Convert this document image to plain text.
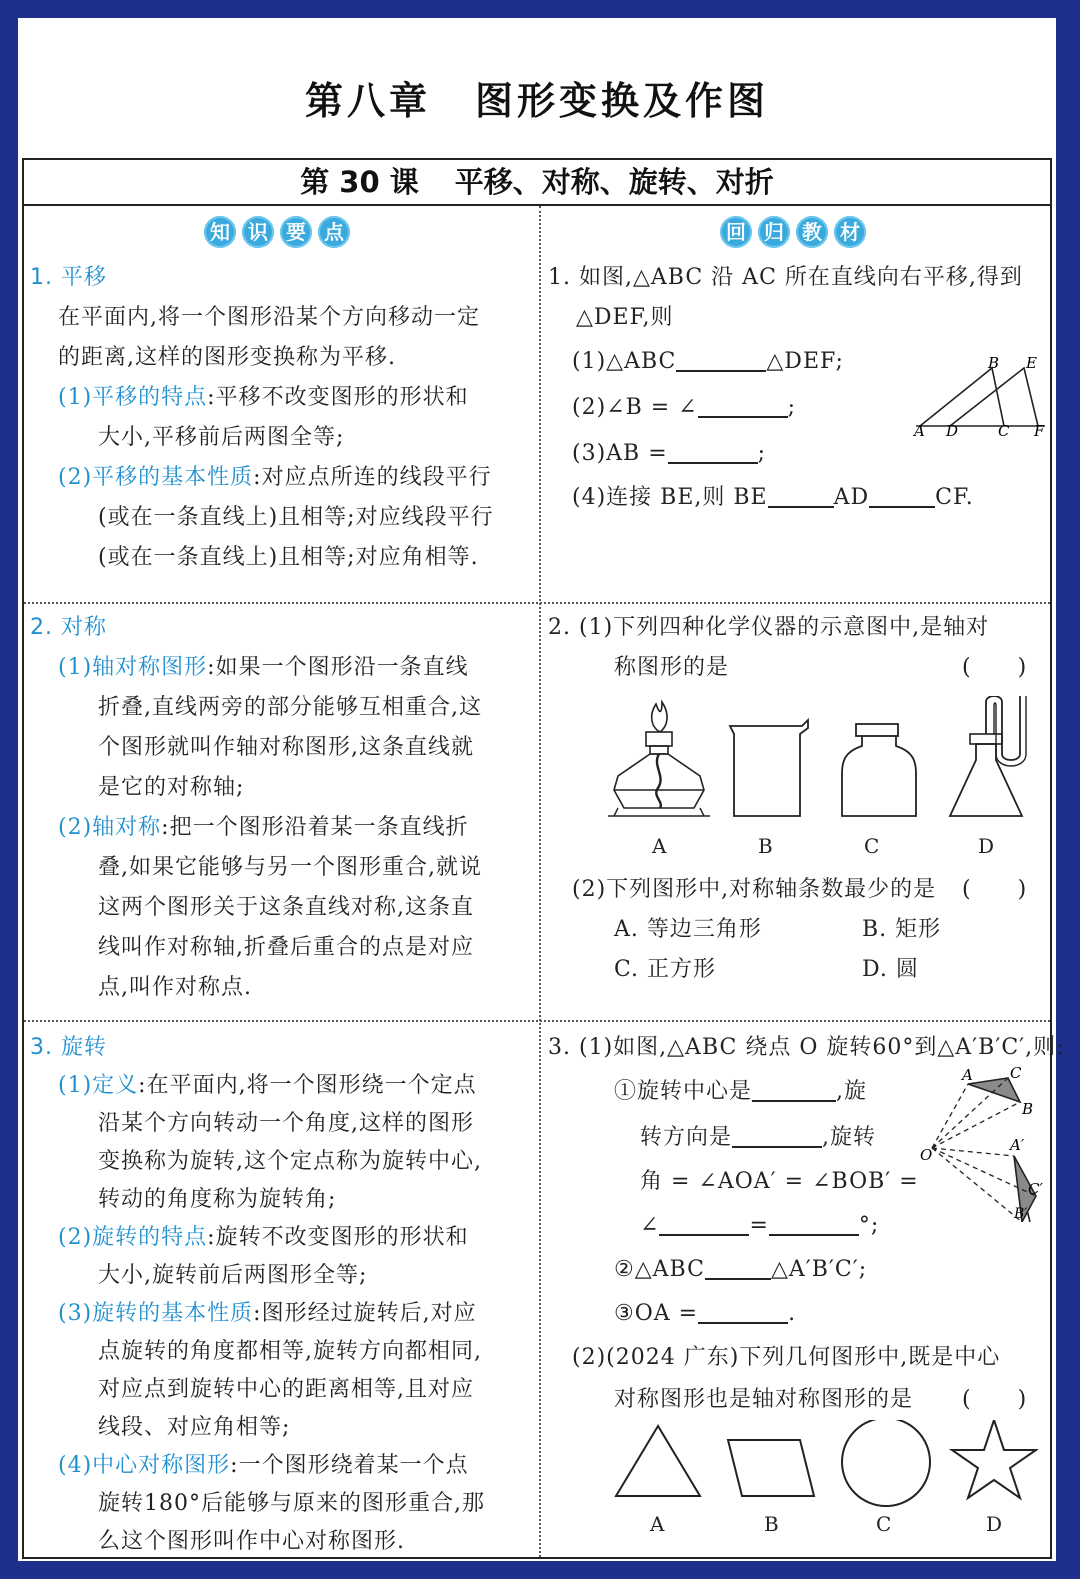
第八章 图形变换及作图
第 30 课 平移、对称、旋转、对折
知 识 要 点	回 归 教 材
1. 平移
在平面内,将一个图形沿某个方向移动一定
的距离,这样的图形变换称为平移.
(1)平移的特点:平移不改变图形的形状和
大小,平移前后两图全等;
(2)平移的基本性质:对应点所连的线段平行
(或在一条直线上)且相等;对应线段平行
(或在一条直线上)且相等;对应角相等.
2. 对称
(1)轴对称图形:如果一个图形沿一条直线
折叠,直线两旁的部分能够互相重合,这
个图形就叫作轴对称图形,这条直线就
是它的对称轴;
(2)轴对称:把一个图形沿着某一条直线折
叠,如果它能够与另一个图形重合,就说
这两个图形关于这条直线对称,这条直
线叫作对称轴,折叠后重合的点是对应
点,叫作对称点.
3. 旋转
(1)定义:在平面内,将一个图形绕一个定点
沿某个方向转动一个角度,这样的图形
变换称为旋转,这个定点称为旋转中心,
转动的角度称为旋转角;
(2)旋转的特点:旋转不改变图形的形状和
大小,旋转前后两图形全等;
(3)旋转的基本性质:图形经过旋转后,对应
点旋转的角度都相等,旋转方向都相同,
对应点到旋转中心的距离相等,且对应
线段、对应角相等;
(4)中心对称图形:一个图形绕着某一个点
旋转180°后能够与原来的图形重合,那
么这个图形叫作中心对称图形.
1. 如图,△ABC 沿 AC 所在直线向右平移,得到
△DEF,则
(1)△ABC	△DEF;
(2)∠B = ∠	;
(3)AB =	;
(4)连接 BE,则 BE	AD	CF.
A D	C F
B E
2. (1)下列四种化学仪器的示意图中,是轴对
称图形的是	(　　)
A	B	C	D
(2)下列图形中,对称轴条数最少的是 (　　)
A. 等边三角形	B. 矩形
C. 正方形	D. 圆
3. (1)如图,△ABC 绕点 O 旋转60°到△A′B′C′,则:
①旋转中心是	,旋
转方向是	,旋转
角 = ∠AOA′ = ∠BOB′ =
∠	=	°;
②△ABC	△A′B′C′;
③OA =	.
A C
B
O
A′
C′
B′
(2)(2024 广东)下列几何图形中,既是中心
对称图形也是轴对称图形的是 (　　)
A	B	C	D
